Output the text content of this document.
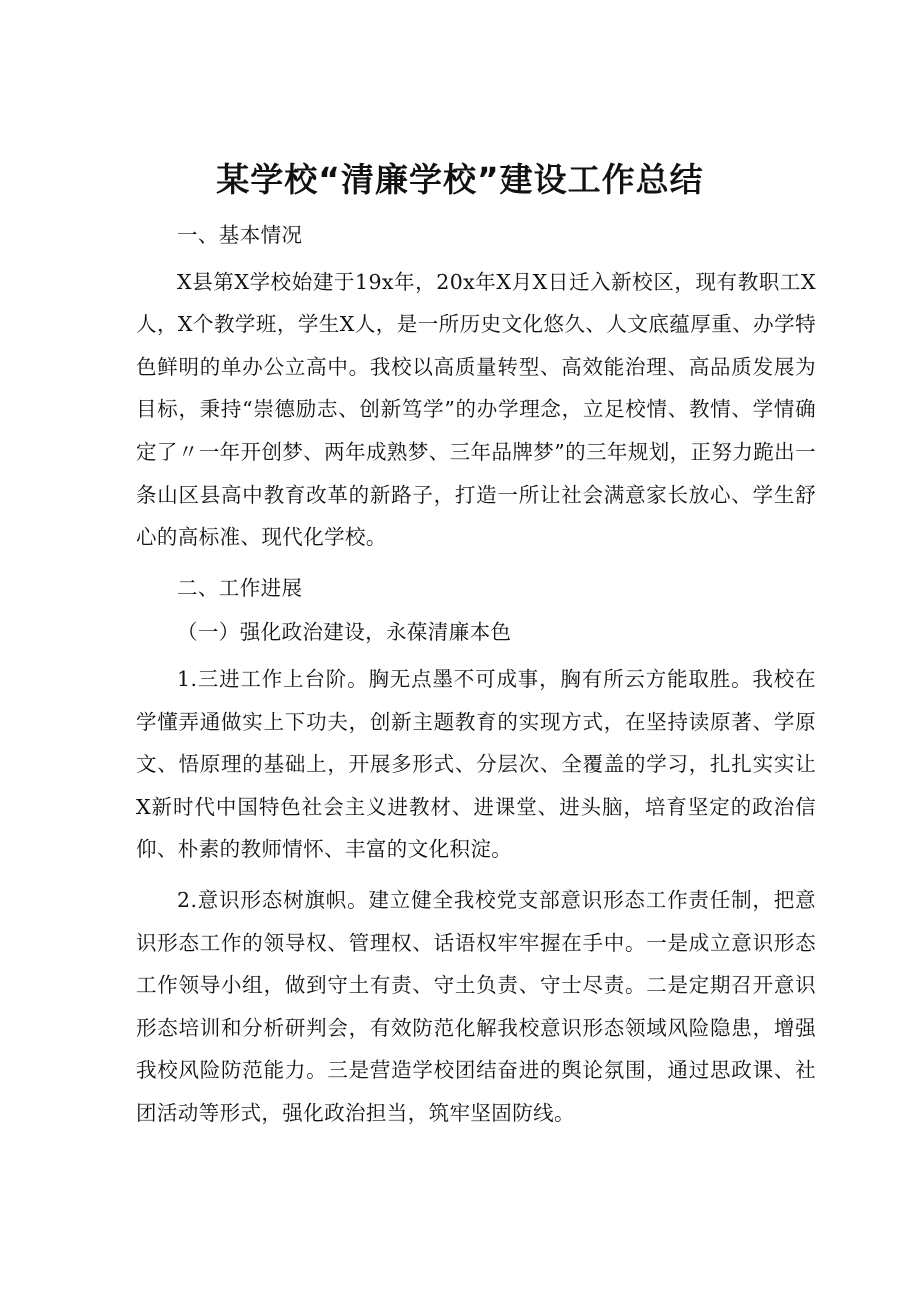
某学校“清廉学校”建设工作总结

一、基本情况

X县第X学校始建于19x年，20x年X月X日迁入新校区，现有教职工X人，X个教学班，学生X人，是一所历史文化悠久、人文底蕴厚重、办学特色鲜明的单办公立高中。我校以高质量转型、高效能治理、高品质发展为目标，秉持“崇德励志、创新笃学”的办学理念，立足校情、教情、学情确定了〃一年开创梦、两年成熟梦、三年品牌梦”的三年规划，正努力跪出一条山区县高中教育改革的新路子，打造一所让社会满意家长放心、学生舒心的高标准、现代化学校。

二、工作进展

（一）强化政治建设，永葆清廉本色

1.三进工作上台阶。胸无点墨不可成事，胸有所云方能取胜。我校在学懂弄通做实上下功夫，创新主题教育的实现方式，在坚持读原著、学原文、悟原理的基础上，开展多形式、分层次、全覆盖的学习，扎扎实实让X新时代中国特色社会主义进教材、进课堂、进头脑，培育坚定的政治信仰、朴素的教师情怀、丰富的文化积淀。

2.意识形态树旗帜。建立健全我校党支部意识形态工作责任制，把意识形态工作的领导权、管理权、话语权牢牢握在手中。一是成立意识形态工作领导小组，做到守土有责、守土负责、守士尽责。二是定期召开意识形态培训和分析研判会，有效防范化解我校意识形态领域风险隐患，增强我校风险防范能力。三是营造学校团结奋进的舆论氛围，通过思政课、社团活动等形式，强化政治担当，筑牢坚固防线。
